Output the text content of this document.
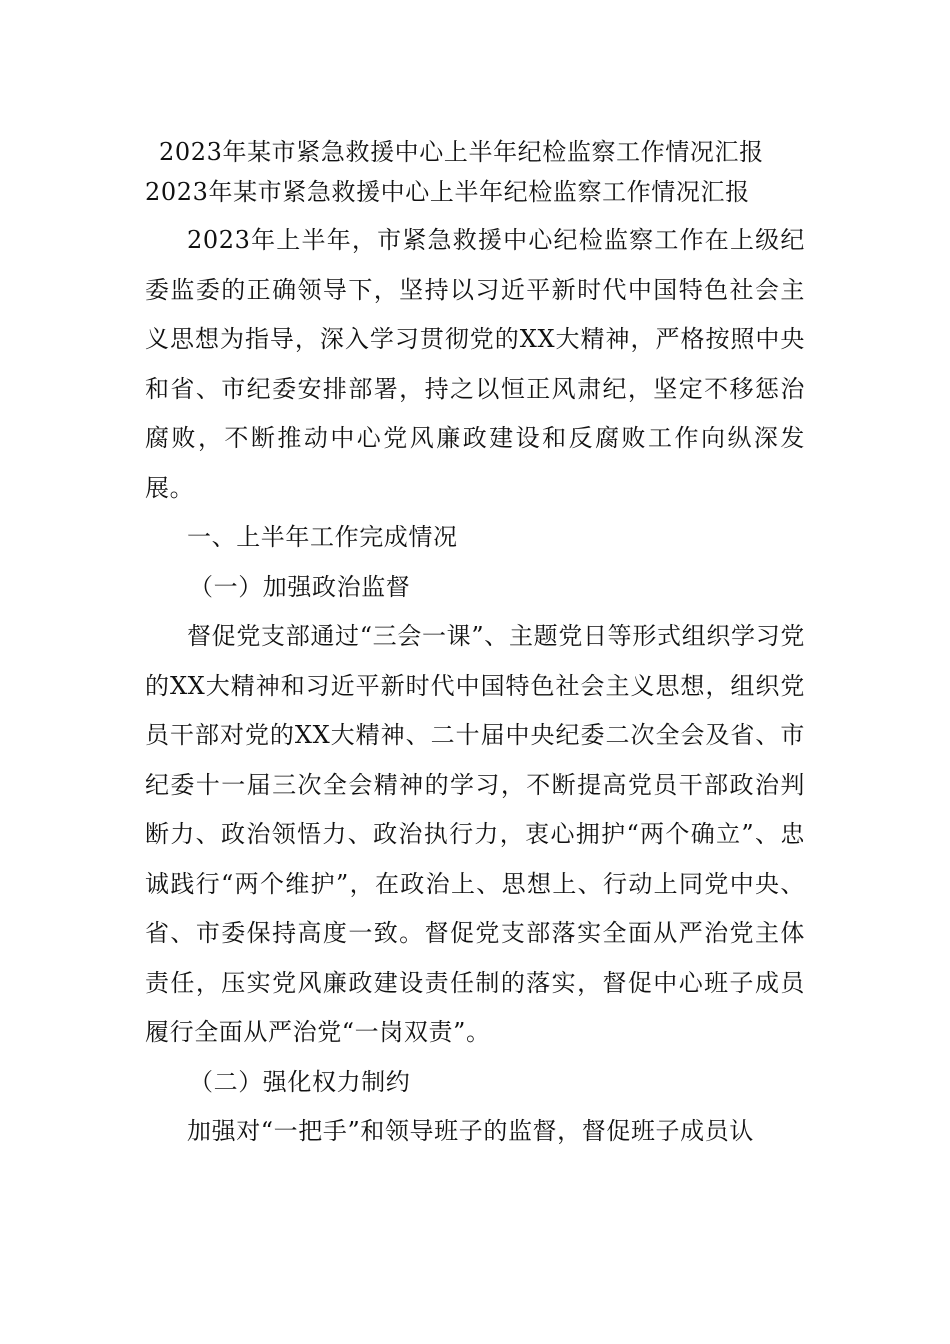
2023年某市紧急救援中心上半年纪检监察工作情况汇报
2023年某市紧急救援中心上半年纪检监察工作情况汇报

2023年上半年，市紧急救援中心纪检监察工作在上级纪委监委的正确领导下，坚持以习近平新时代中国特色社会主义思想为指导，深入学习贯彻党的XX大精神，严格按照中央和省、市纪委安排部署，持之以恒正风肃纪，坚定不移惩治腐败，不断推动中心党风廉政建设和反腐败工作向纵深发展。

一、上半年工作完成情况

（一）加强政治监督

督促党支部通过“三会一课”、主题党日等形式组织学习党的XX大精神和习近平新时代中国特色社会主义思想，组织党员干部对党的XX大精神、二十届中央纪委二次全会及省、市纪委十一届三次全会精神的学习，不断提高党员干部政治判断力、政治领悟力、政治执行力，衷心拥护“两个确立”、忠诚践行“两个维护”，在政治上、思想上、行动上同党中央、省、市委保持高度一致。督促党支部落实全面从严治党主体责任，压实党风廉政建设责任制的落实，督促中心班子成员履行全面从严治党“一岗双责”。

（二）强化权力制约

加强对“一把手”和领导班子的监督，督促班子成员认
